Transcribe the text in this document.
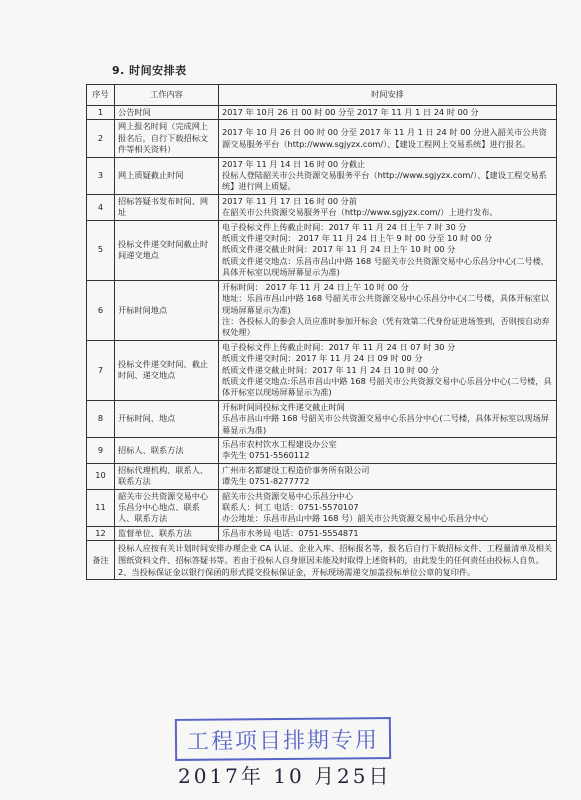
9. 时间安排表
序号	工作内容	时间安排
1	公告时间	2017 年 10月 26 日 00 时 00 分至 2017 年 11 月 1 日 24 时 00 分

2	网上报名时间（完成网上报名后，自行下载招标文件等相关资料）	2017 年 10 月 26 日 00 时 00 分至 2017 年 11 月 1 日 24 时 00 分进入韶关市公共资源交易服务平台（http://www.sgjyzx.com/）、【建设工程网上交易系统】进行报名。

3	网上质疑截止时间	2017 年 11 月 14 日 16 时 00 分截止
投标人登陆韶关市公共资源交易服务平台（http://www.sgjyzx.com/）、【建设工程交易系统】进行网上质疑。

4	招标答疑书发布时间、网址	2017 年 11 月 17 日 16 时 00 分前
在韶关市公共资源交易服务平台（http://www.sgjyzx.com/）上进行发布。

5	投标文件递交时间截止时间递交地点	电子投标文件上传截止时间：2017 年 11 月 24 日上午 7 时 30 分
纸质文件递交时间： 2017 年 11 月 24 日上午 9 时 00 分至 10 时 00 分
纸质文件递交截止时间：2017 年 11 月 24 日上午 10 时 00 分
纸质文件递交地点：乐昌市昌山中路 168 号韶关市公共资源交易中心乐昌分中心(二号楼，具体开标室以现场屏幕显示为准)

6	开标时间地点	开标时间： 2017 年 11 月 24 日上午 10 时 00 分
地址：乐昌市昌山中路 168 号韶关市公共资源交易中心乐昌分中心(二号楼，具体开标室以现场屏幕显示为准)
注：各投标人的参会人员应准时参加开标会（凭有效第二代身份证进场签到，否则按自动弃权处理）

7	投标文件递交时间、截止时间、递交地点	电子投标文件上传截止时间：2017 年 11 月 24 日 07 时 30 分
纸质文件递交时间：2017 年 11 月 24 日 09 时 00 分
纸质文件递交截止时间：2017 年 11 月 24 日 10 时 00 分
纸质文件递交地点:乐昌市昌山中路 168 号韶关市公共资源交易中心乐昌分中心(二号楼，具体开标室以现场屏幕显示为准)

8	开标时间、地点	开标时间同投标文件递交截止时间
乐昌市昌山中路 168 号韶关市公共资源交易中心乐昌分中心(二号楼，具体开标室以现场屏幕显示为准)

9	招标人、联系方法	乐昌市农村饮水工程建设办公室
李先生 0751-5560112

10	招标代理机构、联系人、联系方法	广州市名都建设工程造价事务所有限公司
谭先生 0751-8277772

11	韶关市公共资源交易中心乐昌分中心地点、联系人、联系方法	韶关市公共资源交易中心乐昌分中心
联系人：何工 电话：0751-5570107
办公地址：乐昌市昌山中路 168 号）韶关市公共资源交易中心乐昌分中心

12	监督单位、联系方法	乐昌市水务局 电话：0751-5554871

备注	投标人应按有关计划时间安排办理企业 CA 认证、企业入库、招标报名等，报名后自行下载招标文件、工程量清单及相关图纸资料文件、招标答疑书等。若由于投标人自身原因未能及时取得上述资料的，由此发生的任何责任由投标人自负。
2、当投标保证金以银行保函的形式提交投标保证金，开标现场需递交加盖投标单位公章的复印件。	
工程项目排期专用
2017年 10 月25日
